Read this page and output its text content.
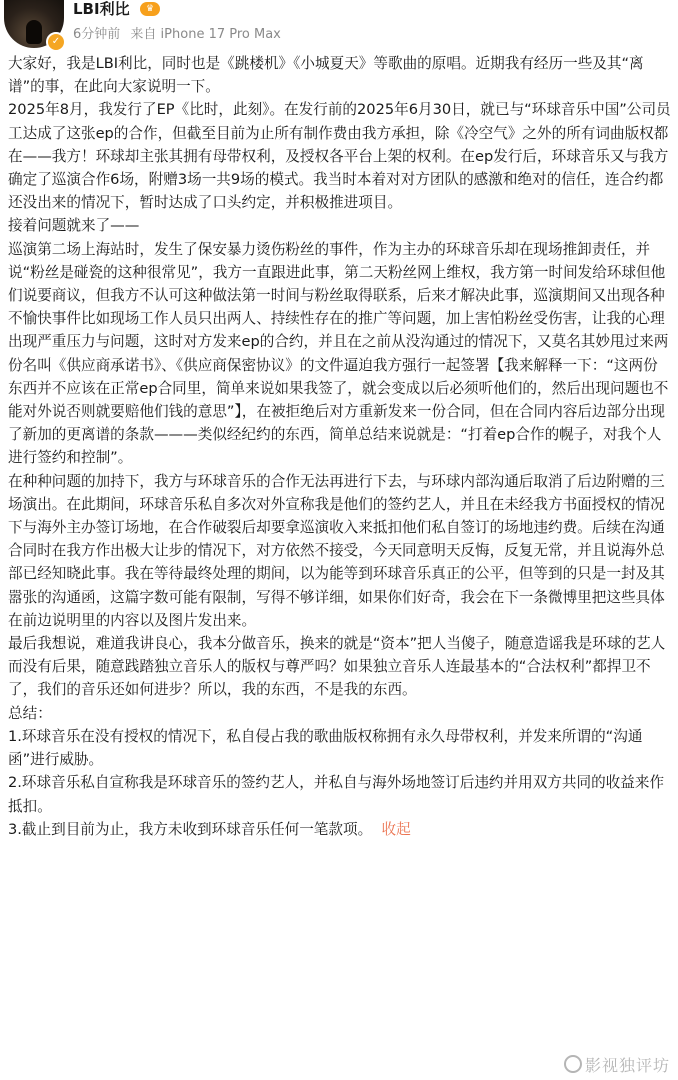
✓
LBI利比	♛
6分钟前 来自 iPhone 17 Pro Max

大家好，我是LBI利比，同时也是《跳楼机》《小城夏天》等歌曲的原唱。近期我有经历一些及其“离谱”的事，在此向大家说明一下。

2025年8月，我发行了EP《比时，此刻》。在发行前的2025年6月30日，就已与“环球音乐中国”公司员工达成了这张ep的合作，但截至目前为止所有制作费由我方承担，除《冷空气》之外的所有词曲版权都在——我方！环球却主张其拥有母带权利，及授权各平台上架的权利。在ep发行后，环球音乐又与我方确定了巡演合作6场，附赠3场一共9场的模式。我当时本着对对方团队的感激和绝对的信任，连合约都还没出来的情况下，暂时达成了口头约定，并积极推进项目。

接着问题就来了——

巡演第二场上海站时，发生了保安暴力烫伤粉丝的事件，作为主办的环球音乐却在现场推卸责任，并说“粉丝是碰瓷的这种很常见”，我方一直跟进此事，第二天粉丝网上维权，我方第一时间发给环球但他们说要商议，但我方不认可这种做法第一时间与粉丝取得联系，后来才解决此事，巡演期间又出现各种不愉快事件比如现场工作人员只出两人、持续性存在的推广等问题，加上害怕粉丝受伤害，让我的心理出现严重压力与问题，这时对方发来ep的合约，并且在之前从没沟通过的情况下，又莫名其妙甩过来两份名叫《供应商承诺书》、《供应商保密协议》的文件逼迫我方强行一起签署【我来解释一下：“这两份东西并不应该在正常ep合同里，简单来说如果我签了，就会变成以后必须听他们的，然后出现问题也不能对外说否则就要赔他们钱的意思”】，在被拒绝后对方重新发来一份合同，但在合同内容后边部分出现了新加的更离谱的条款———类似经纪约的东西，简单总结来说就是：“打着ep合作的幌子，对我个人进行签约和控制”。

在种种问题的加持下，我方与环球音乐的合作无法再进行下去，与环球内部沟通后取消了后边附赠的三场演出。在此期间，环球音乐私自多次对外宣称我是他们的签约艺人，并且在未经我方书面授权的情况下与海外主办签订场地，在合作破裂后却要拿巡演收入来抵扣他们私自签订的场地违约费。后续在沟通合同时在我方作出极大让步的情况下，对方依然不接受，今天同意明天反悔，反复无常，并且说海外总部已经知晓此事。我在等待最终处理的期间，以为能等到环球音乐真正的公平，但等到的只是一封及其嚣张的沟通函，这篇字数可能有限制，写得不够详细，如果你们好奇，我会在下一条微博里把这些具体在前边说明里的内容以及图片发出来。

最后我想说，难道我讲良心，我本分做音乐，换来的就是“资本”把人当傻子，随意造谣我是环球的艺人而没有后果，随意践踏独立音乐人的版权与尊严吗？如果独立音乐人连最基本的“合法权利”都捍卫不了，我们的音乐还如何进步？所以，我的东西，不是我的东西。

总结：

1.环球音乐在没有授权的情况下，私自侵占我的歌曲版权称拥有永久母带权利，并发来所谓的“沟通函”进行威胁。

2.环球音乐私自宣称我是环球音乐的签约艺人，并私自与海外场地签订后违约并用双方共同的收益来作抵扣。

3.截止到目前为止，我方未收到环球音乐任何一笔款项。 收起

影视独评坊
